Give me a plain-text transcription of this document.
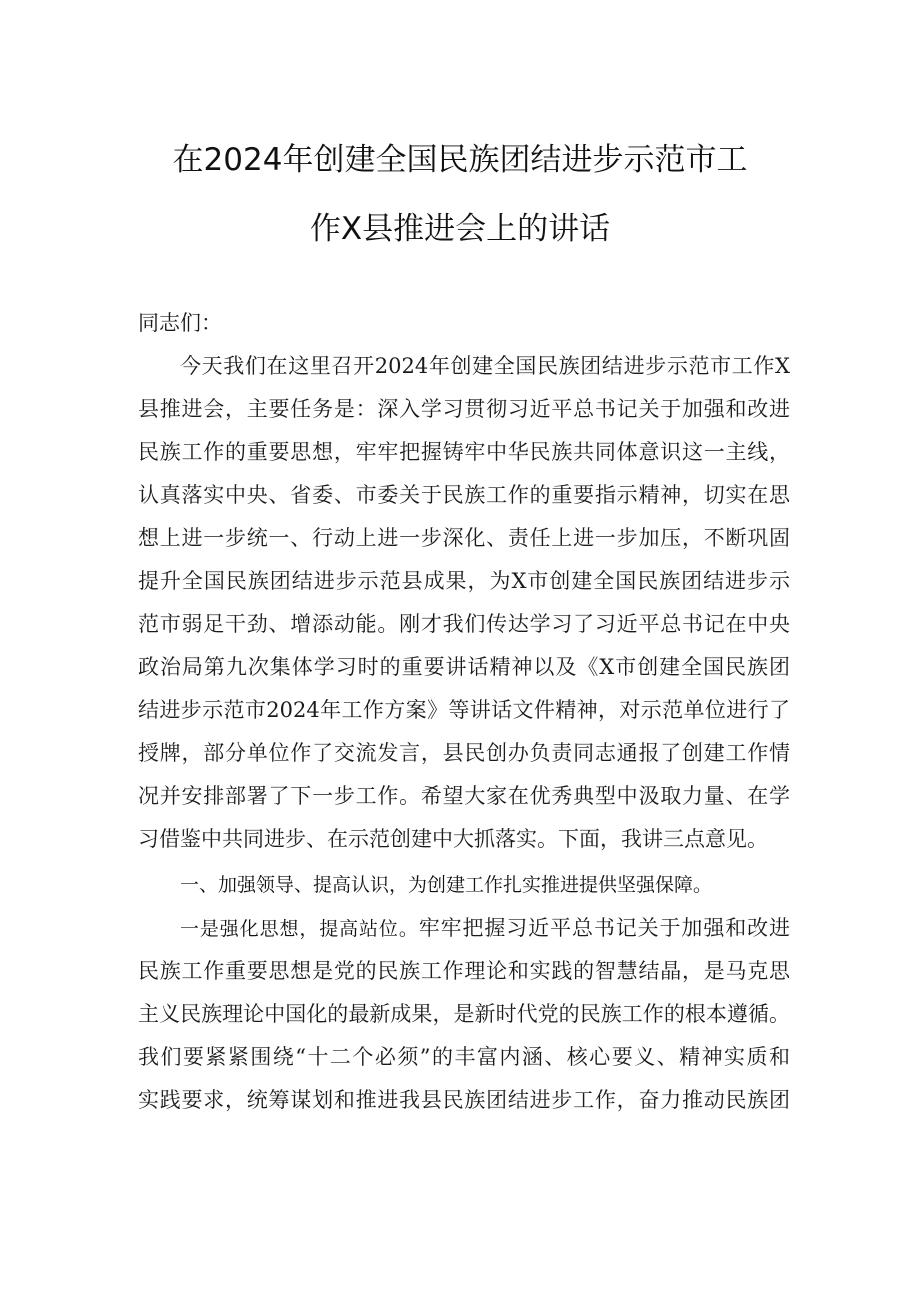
在2024年创建全国民族团结进步示范市工
作X县推进会上的讲话
同志们：
今天我们在这里召开2024年创建全国民族团结进步示范市工作X
县推进会，主要任务是：深入学习贯彻习近平总书记关于加强和改进
民族工作的重要思想，牢牢把握铸牢中华民族共同体意识这一主线，
认真落实中央、省委、市委关于民族工作的重要指示精神，切实在思
想上进一步统一、行动上进一步深化、责任上进一步加压，不断巩固
提升全国民族团结进步示范县成果，为X市创建全国民族团结进步示
范市弱足干劲、增添动能。刚才我们传达学习了习近平总书记在中央
政治局第九次集体学习时的重要讲话精神以及《X市创建全国民族团
结进步示范市2024年工作方案》等讲话文件精神，对示范单位进行了
授牌，部分单位作了交流发言，县民创办负责同志通报了创建工作情
况并安排部署了下一步工作。希望大家在优秀典型中汲取力量、在学
习借鉴中共同进步、在示范创建中大抓落实。下面，我讲三点意见。
一、加强领导、提高认识，为创建工作扎实推进提供坚强保障。
一是强化思想，提高站位。牢牢把握习近平总书记关于加强和改进
民族工作重要思想是党的民族工作理论和实践的智慧结晶，是马克思
主义民族理论中国化的最新成果，是新时代党的民族工作的根本遵循。
我们要紧紧围绕“十二个必须”的丰富内涵、核心要义、精神实质和
实践要求，统筹谋划和推进我县民族团结进步工作，奋力推动民族团
